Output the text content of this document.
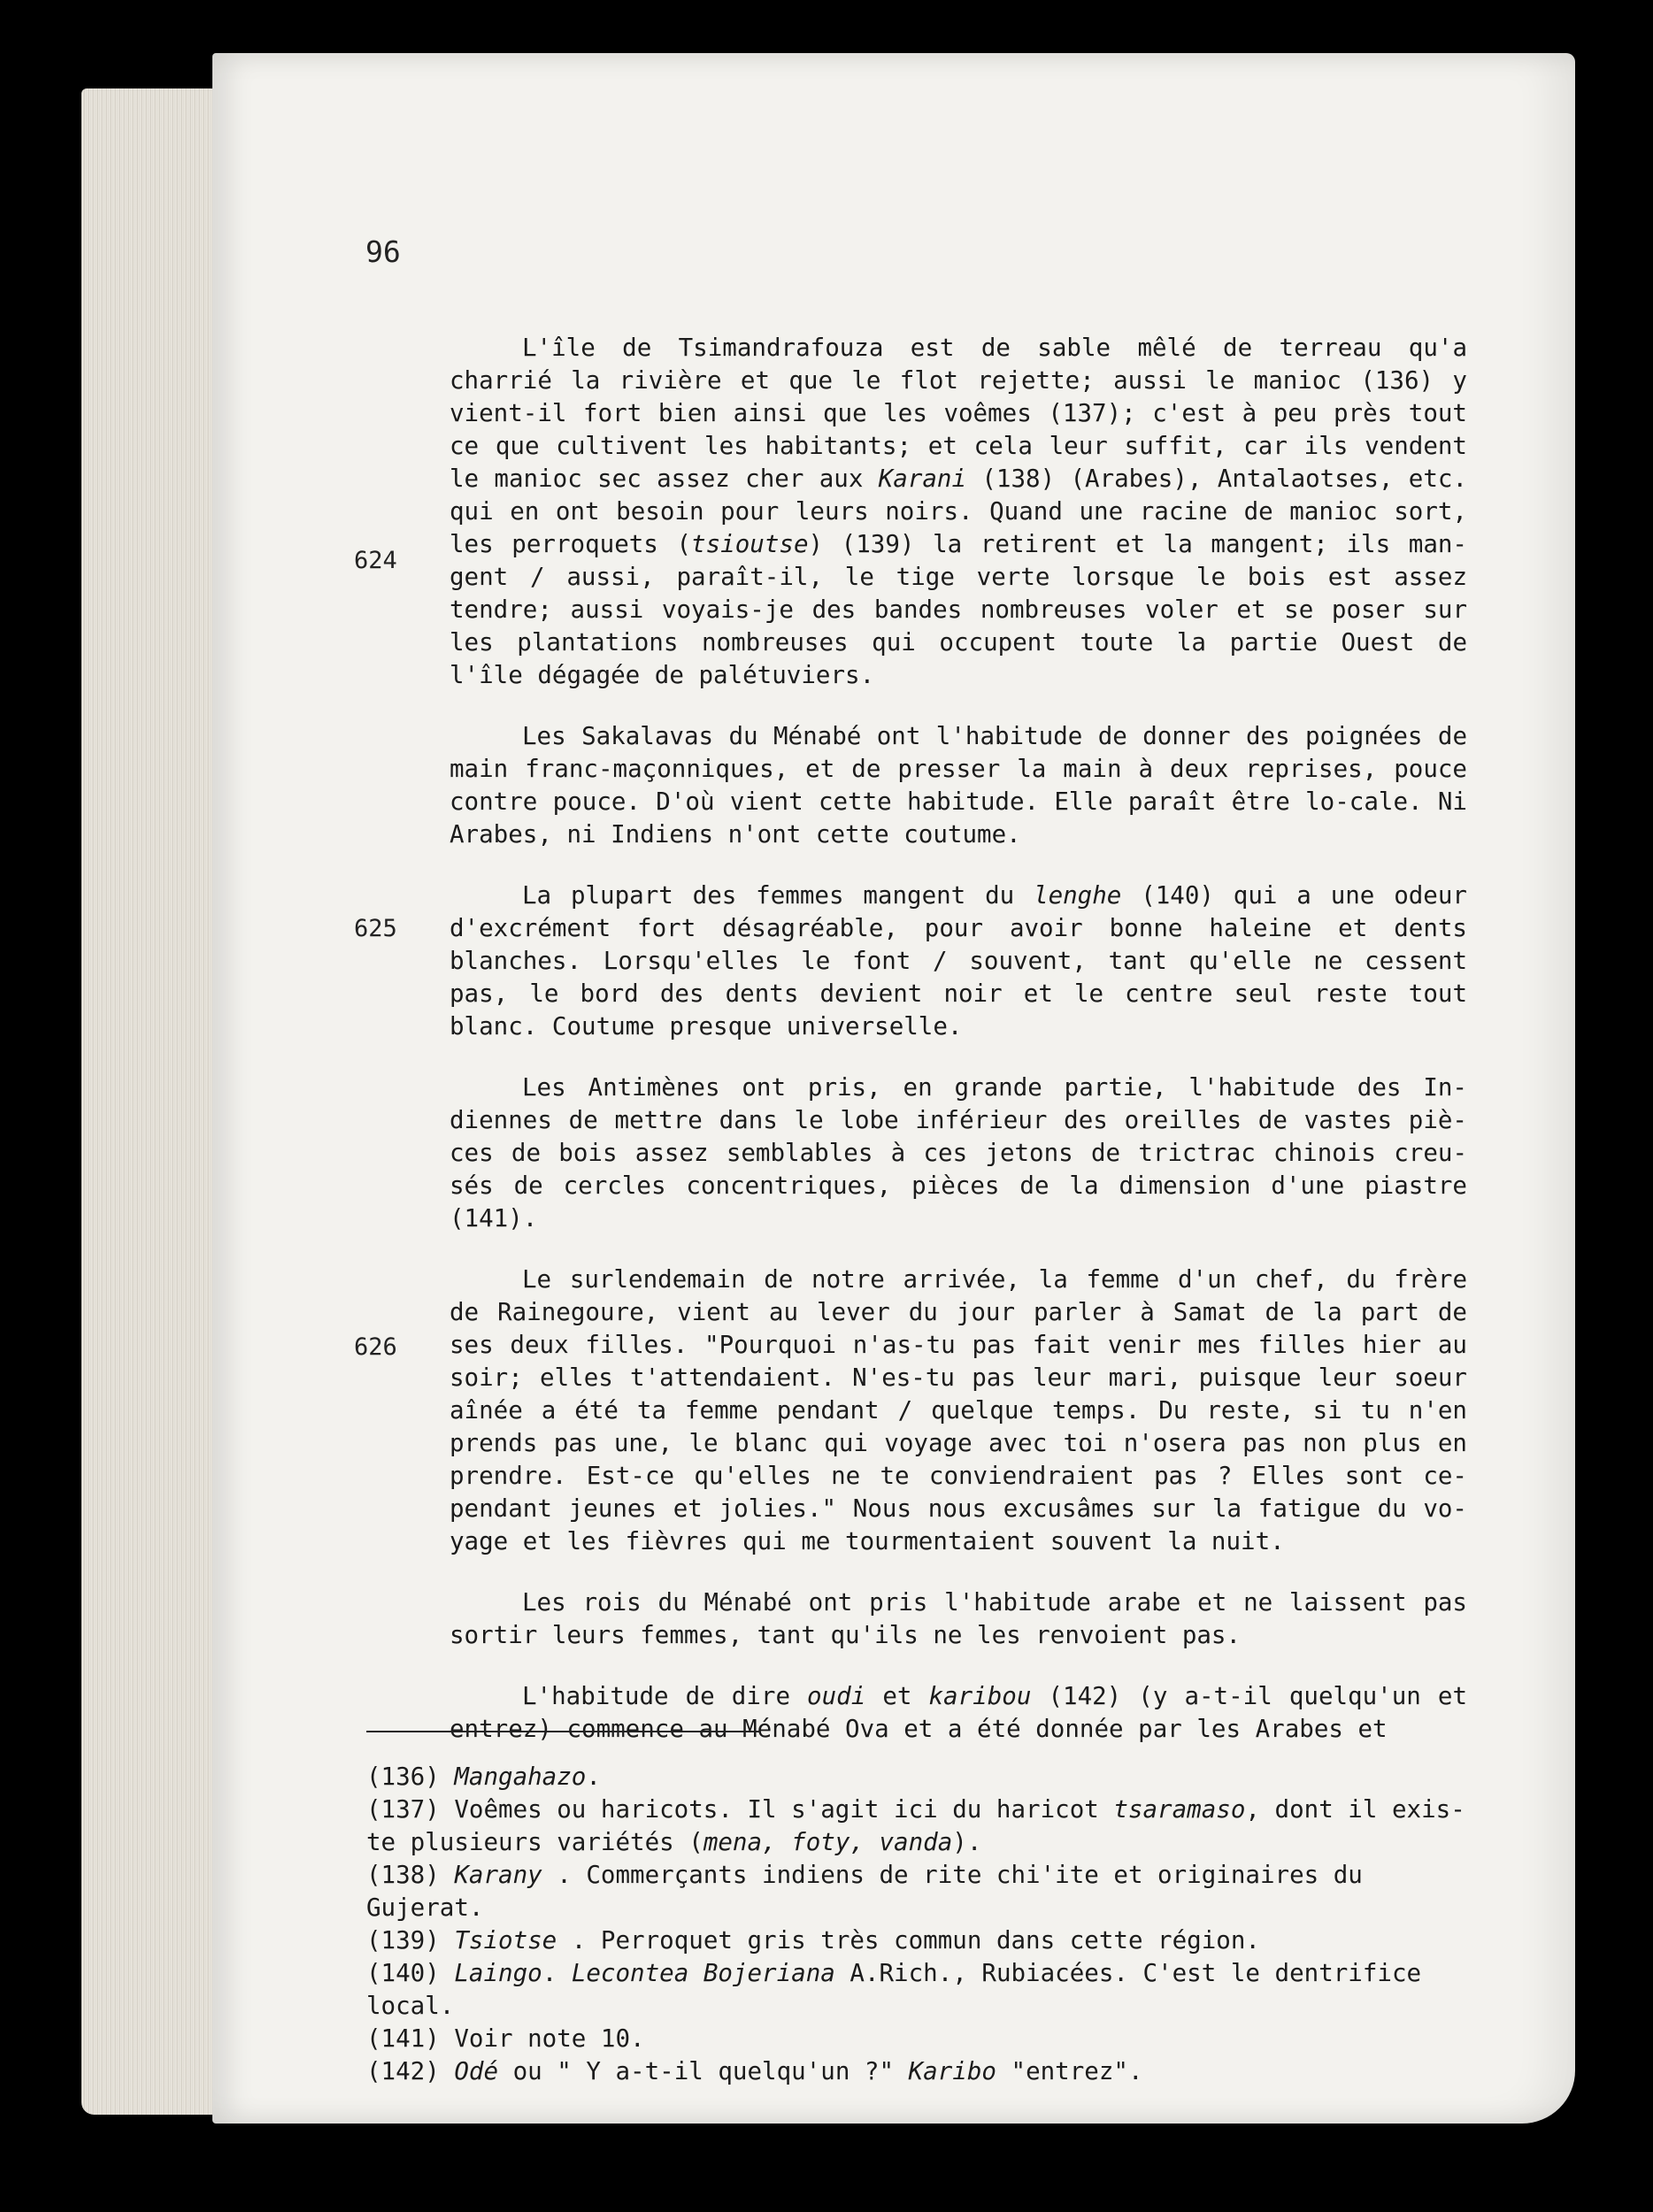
96
624
625
626

L'île de Tsimandrafouza est de sable mêlé de terreau qu'a charrié la rivière et que le flot rejette; aussi le manioc (136) y vient-il fort bien ainsi que les voêmes (137); c'est à peu près tout ce que cultivent les habitants; et cela leur suffit, car ils vendent le manioc sec assez cher aux Karani (138) (Arabes), Antalaotses, etc. qui en ont besoin pour leurs noirs. Quand une racine de manioc sort, les perroquets (tsioutse) (139) la retirent et la mangent; ils man-gent / aussi, paraît-il, le tige verte lorsque le bois est assez tendre; aussi voyais-je des bandes nombreuses voler et se poser sur les plantations nombreuses qui occupent toute la partie Ouest de l'île dégagée de palétuviers.

Les Sakalavas du Ménabé ont l'habitude de donner des poignées de main franc-maçonniques, et de presser la main à deux reprises, pouce contre pouce. D'où vient cette habitude. Elle paraît être lo-cale. Ni Arabes, ni Indiens n'ont cette coutume.

La plupart des femmes mangent du lenghe (140) qui a une odeur d'excrément fort désagréable, pour avoir bonne haleine et dents blanches. Lorsqu'elles le font / souvent, tant qu'elle ne cessent pas, le bord des dents devient noir et le centre seul reste tout blanc. Coutume presque universelle.

Les Antimènes ont pris, en grande partie, l'habitude des In-diennes de mettre dans le lobe inférieur des oreilles de vastes piè-ces de bois assez semblables à ces jetons de trictrac chinois creu-sés de cercles concentriques, pièces de la dimension d'une piastre (141).

Le surlendemain de notre arrivée, la femme d'un chef, du frère de Rainegoure, vient au lever du jour parler à Samat de la part de ses deux filles. "Pourquoi n'as-tu pas fait venir mes filles hier au soir; elles t'attendaient. N'es-tu pas leur mari, puisque leur soeur aînée a été ta femme pendant / quelque temps. Du reste, si tu n'en prends pas une, le blanc qui voyage avec toi n'osera pas non plus en prendre. Est-ce qu'elles ne te conviendraient pas ? Elles sont ce-pendant jeunes et jolies." Nous nous excusâmes sur la fatigue du vo-yage et les fièvres qui me tourmentaient souvent la nuit.

Les rois du Ménabé ont pris l'habitude arabe et ne laissent pas sortir leurs femmes, tant qu'ils ne les renvoient pas.

L'habitude de dire oudi et karibou (142) (y a-t-il quelqu'un et entrez) commence au Ménabé Ova et a été donnée par les Arabes et

(136) Mangahazo.

(137) Voêmes ou haricots. Il s'agit ici du haricot tsaramaso, dont il exis-te plusieurs variétés (mena, foty, vanda).

(138) Karany . Commerçants indiens de rite chi'ite et originaires du Gujerat.

(139) Tsiotse . Perroquet gris très commun dans cette région.

(140) Laingo. Lecontea Bojeriana A.Rich., Rubiacées. C'est le dentrifice local.

(141) Voir note 10.

(142) Odé ou " Y a-t-il quelqu'un ?" Karibo "entrez".
